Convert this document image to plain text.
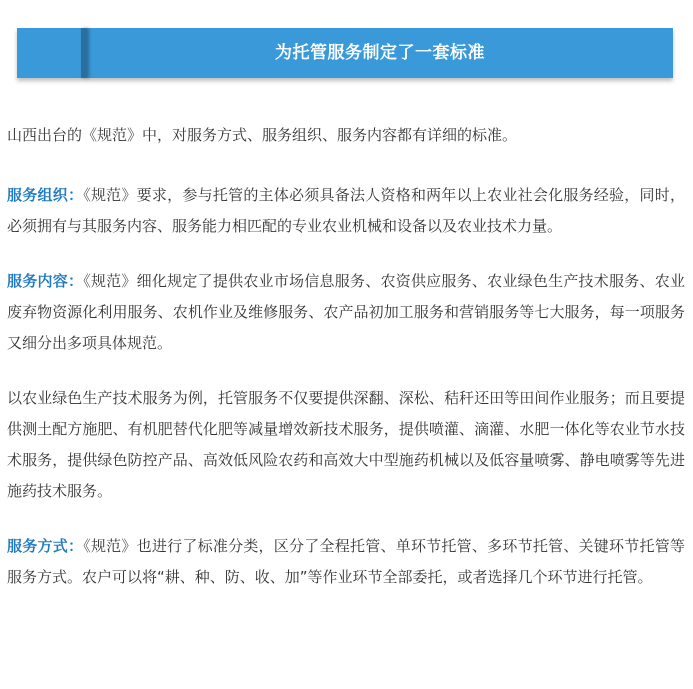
为托管服务制定了一套标准

山西出台的《规范》中，对服务方式、服务组织、服务内容都有详细的标准。

服务组织：《规范》要求，参与托管的主体必须具备法人资格和两年以上农业社会化服务经验，同时，必须拥有与其服务内容、服务能力相匹配的专业农业机械和设备以及农业技术力量。

服务内容：《规范》细化规定了提供农业市场信息服务、农资供应服务、农业绿色生产技术服务、农业废弃物资源化利用服务、农机作业及维修服务、农产品初加工服务和营销服务等七大服务，每一项服务又细分出多项具体规范。

以农业绿色生产技术服务为例，托管服务不仅要提供深翻、深松、秸秆还田等田间作业服务；而且要提供测土配方施肥、有机肥替代化肥等减量增效新技术服务，提供喷灌、滴灌、水肥一体化等农业节水技术服务，提供绿色防控产品、高效低风险农药和高效大中型施药机械以及低容量喷雾、静电喷雾等先进施药技术服务。

服务方式：《规范》也进行了标准分类，区分了全程托管、单环节托管、多环节托管、关键环节托管等服务方式。农户可以将“耕、种、防、收、加”等作业环节全部委托，或者选择几个环节进行托管。
